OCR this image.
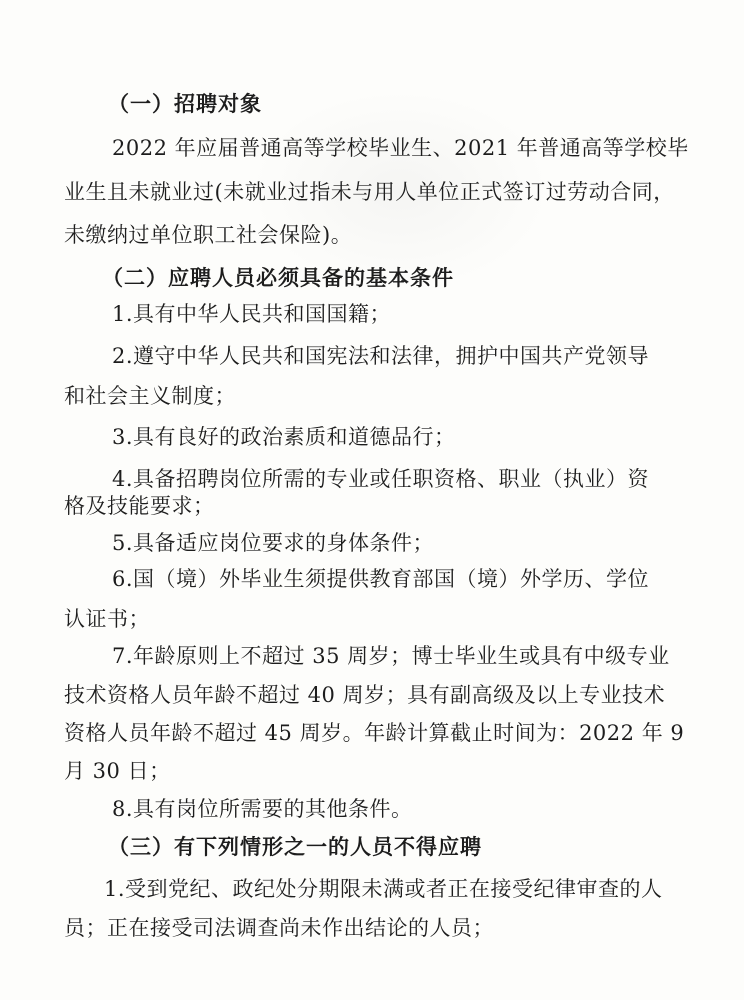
（一）招聘对象
2022 年应届普通高等学校毕业生、2021 年普通高等学校毕
业生且未就业过(未就业过指未与用人单位正式签订过劳动合同，
未缴纳过单位职工社会保险)。
（二）应聘人员必须具备的基本条件
1.具有中华人民共和国国籍；
2.遵守中华人民共和国宪法和法律，拥护中国共产党领导
和社会主义制度；
3.具有良好的政治素质和道德品行；
4.具备招聘岗位所需的专业或任职资格、职业（执业）资
格及技能要求；
5.具备适应岗位要求的身体条件；
6.国（境）外毕业生须提供教育部国（境）外学历、学位
认证书；
7.年龄原则上不超过 35 周岁；博士毕业生或具有中级专业
技术资格人员年龄不超过 40 周岁；具有副高级及以上专业技术
资格人员年龄不超过 45 周岁。年龄计算截止时间为：2022 年 9
月 30 日；
8.具有岗位所需要的其他条件。
（三）有下列情形之一的人员不得应聘
1.受到党纪、政纪处分期限未满或者正在接受纪律审查的人
员；正在接受司法调查尚未作出结论的人员；
